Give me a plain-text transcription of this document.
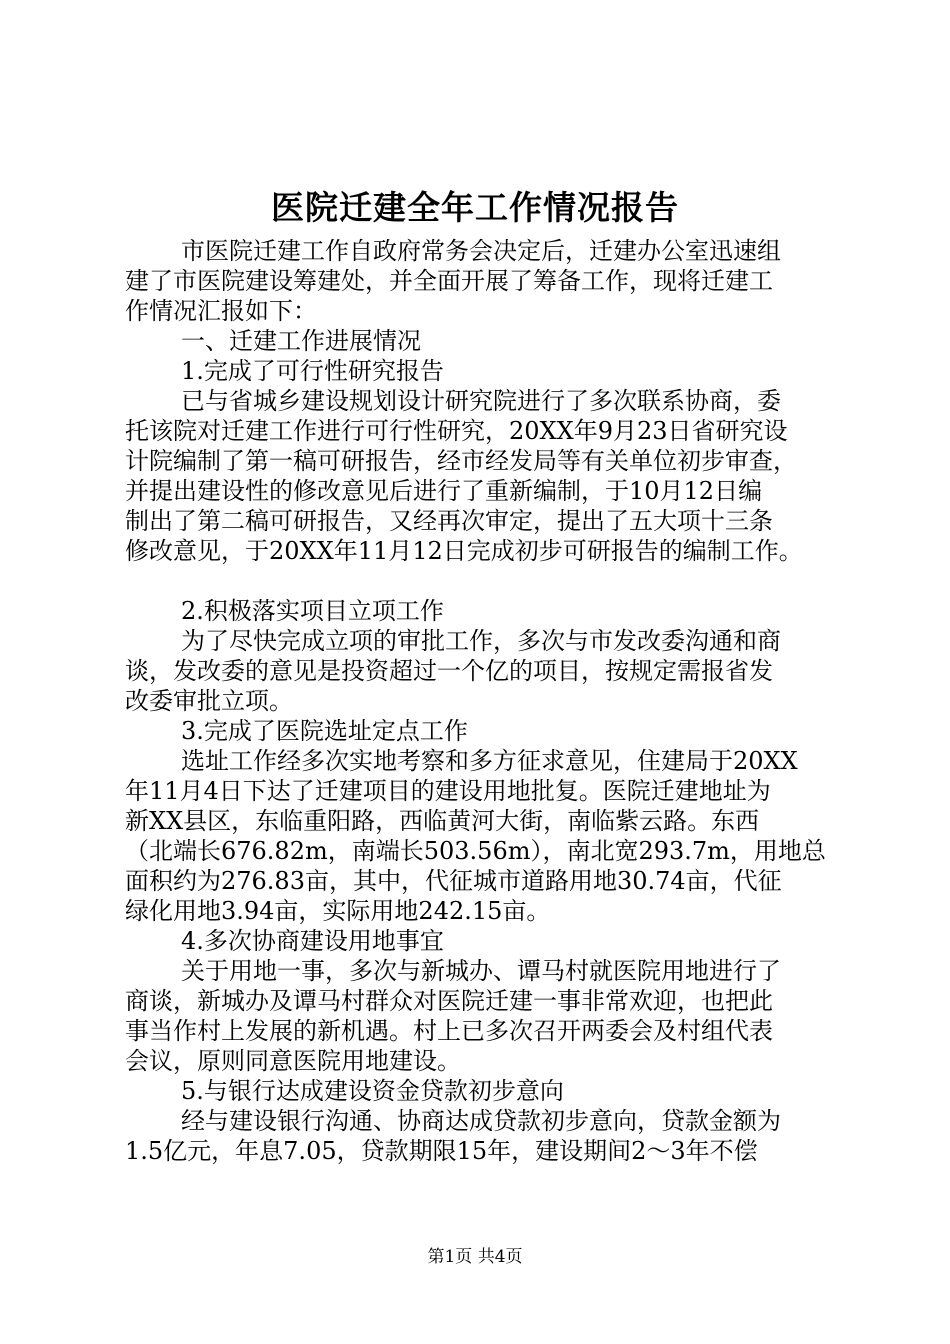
医院迁建全年工作情况报告
市医院迁建工作自政府常务会决定后，迁建办公室迅速组
建了市医院建设筹建处，并全面开展了筹备工作，现将迁建工
作情况汇报如下：
一、迁建工作进展情况
1.完成了可行性研究报告
已与省城乡建设规划设计研究院进行了多次联系协商，委
托该院对迁建工作进行可行性研究，20XX年9月23日省研究设
计院编制了第一稿可研报告，经市经发局等有关单位初步审查，
并提出建设性的修改意见后进行了重新编制，于10月12日编
制出了第二稿可研报告，又经再次审定，提出了五大项十三条
修改意见，于20XX年11月12日完成初步可研报告的编制工作。
2.积极落实项目立项工作
为了尽快完成立项的审批工作，多次与市发改委沟通和商
谈，发改委的意见是投资超过一个亿的项目，按规定需报省发
改委审批立项。
3.完成了医院选址定点工作
选址工作经多次实地考察和多方征求意见，住建局于20XX
年11月4日下达了迁建项目的建设用地批复。医院迁建地址为
新XX县区，东临重阳路，西临黄河大街，南临紫云路。东西
（北端长676.82m，南端长503.56m），南北宽293.7m，用地总
面积约为276.83亩，其中，代征城市道路用地30.74亩，代征
绿化用地3.94亩，实际用地242.15亩。
4.多次协商建设用地事宜
关于用地一事，多次与新城办、谭马村就医院用地进行了
商谈，新城办及谭马村群众对医院迁建一事非常欢迎，也把此
事当作村上发展的新机遇。村上已多次召开两委会及村组代表
会议，原则同意医院用地建设。
5.与银行达成建设资金贷款初步意向
经与建设银行沟通、协商达成贷款初步意向，贷款金额为
1.5亿元，年息7.05，贷款期限15年，建设期间2～3年不偿
第1页 共4页
